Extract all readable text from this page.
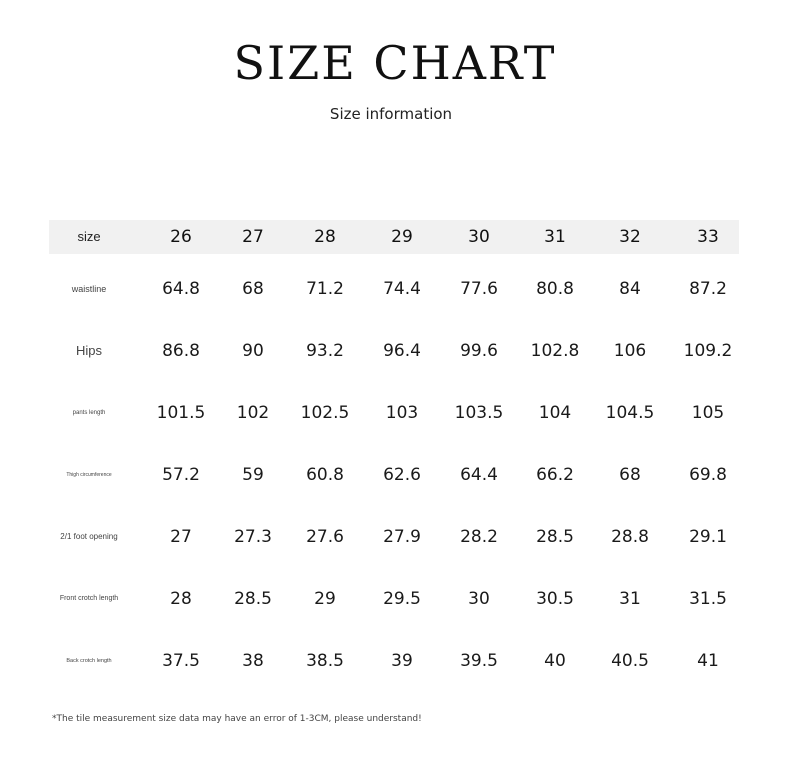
SIZE CHART
Size information
size	26	27	28	29	30	31	32	33
waistline	64.8	68	71.2	74.4	77.6	80.8	84	87.2
Hips	86.8	90	93.2	96.4	99.6	102.8	106	109.2
pants length	101.5	102	102.5	103	103.5	104	104.5	105
Thigh circumference	57.2	59	60.8	62.6	64.4	66.2	68	69.8
2/1 foot opening	27	27.3	27.6	27.9	28.2	28.5	28.8	29.1
Front crotch length	28	28.5	29	29.5	30	30.5	31	31.5
Back crotch length	37.5	38	38.5	39	39.5	40	40.5	41
*The tile measurement size data may have an error of 1-3CM, please understand!
